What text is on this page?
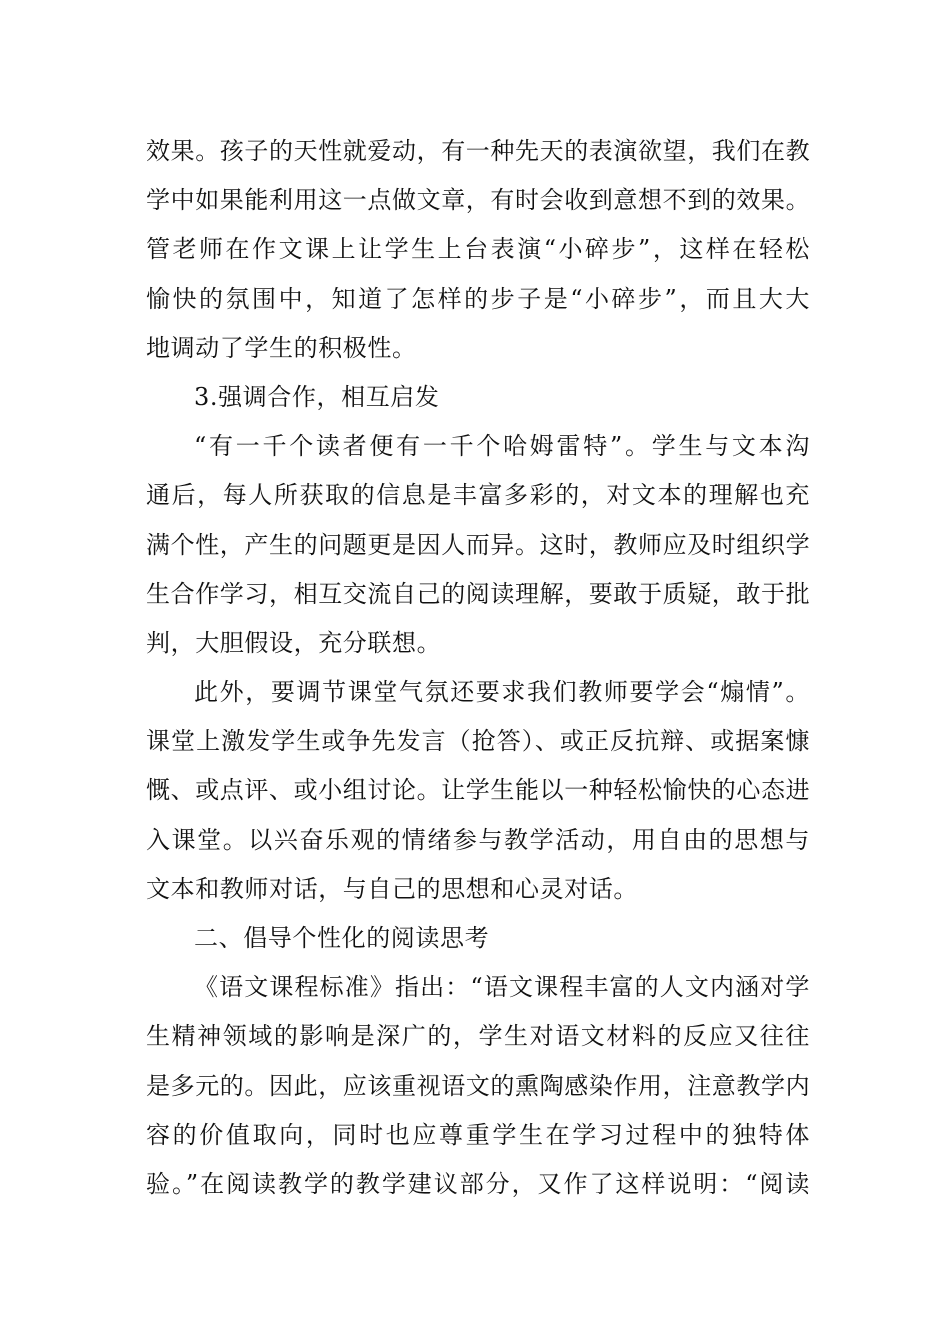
效果。孩子的天性就爱动，有一种先天的表演欲望，我们在教
学中如果能利用这一点做文章，有时会收到意想不到的效果。
管老师在作文课上让学生上台表演“小碎步”，这样在轻松
愉快的氛围中，知道了怎样的步子是“小碎步”，而且大大
地调动了学生的积极性。
3.强调合作，相互启发
“有一千个读者便有一千个哈姆雷特”。学生与文本沟
通后，每人所获取的信息是丰富多彩的，对文本的理解也充
满个性，产生的问题更是因人而异。这时，教师应及时组织学
生合作学习，相互交流自己的阅读理解，要敢于质疑，敢于批
判，大胆假设，充分联想。
此外，要调节课堂气氛还要求我们教师要学会“煽情”。
课堂上激发学生或争先发言（抢答）、或正反抗辩、或据案慷
慨、或点评、或小组讨论。让学生能以一种轻松愉快的心态进
入课堂。以兴奋乐观的情绪参与教学活动，用自由的思想与
文本和教师对话，与自己的思想和心灵对话。
二、倡导个性化的阅读思考
《语文课程标准》指出：“语文课程丰富的人文内涵对学
生精神领域的影响是深广的，学生对语文材料的反应又往往
是多元的。因此，应该重视语文的熏陶感染作用，注意教学内
容的价值取向，同时也应尊重学生在学习过程中的独特体
验。”在阅读教学的教学建议部分，又作了这样说明：“阅读
